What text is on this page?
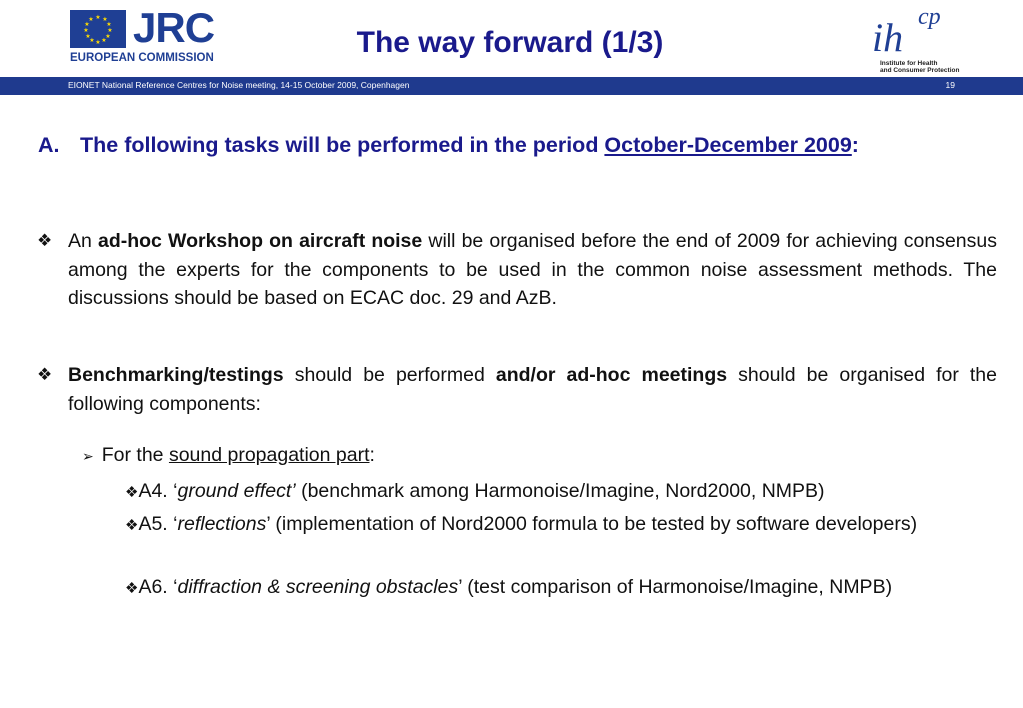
★ ★
★
★
★
★
★
★
★
★
★
★ JRC
EUROPEAN COMMISSION	The way forward (1/3)	ih cp
Institute for Health
and Consumer Protection
EIONET National Reference Centres for Noise meeting, 14-15 October 2009, Copenhagen	19
A. The following tasks will be performed in the period October-December 2009:
❖ An ad-hoc Workshop on aircraft noise will be organised before the end of 2009 for achieving consensus among the experts for the components to be used in the common noise assessment methods. The discussions should be based on ECAC doc. 29 and AzB.
❖ Benchmarking/testings should be performed and/or ad-hoc meetings should be organised for the following components:
➢ For the sound propagation part:
❖A4. ‘ground effect’ (benchmark among Harmonoise/Imagine, Nord2000, NMPB)
❖A5. ‘reflections’ (implementation of Nord2000 formula to be tested by software developers)
❖A6. ‘diffraction & screening obstacles’ (test comparison of Harmonoise/Imagine, NMPB)
